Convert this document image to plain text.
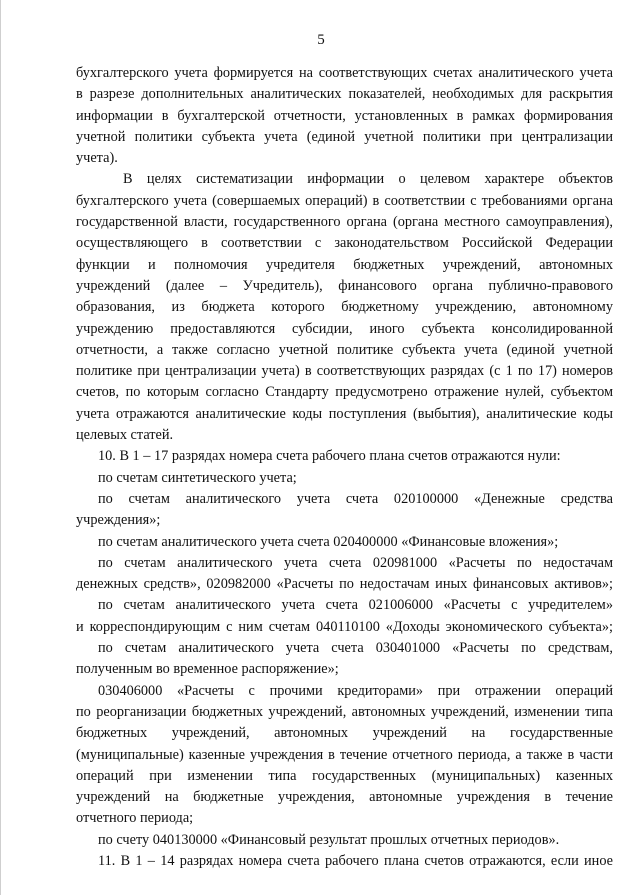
5

бухгалтерского учета формируется на соответствующих счетах аналитического учета

в разрезе дополнительных аналитических показателей, необходимых для раскрытия

информации в бухгалтерской отчетности, установленных в рамках формирования

учетной политики субъекта учета (единой учетной политики при централизации

учета).

В целях систематизации информации о целевом характере объектов

бухгалтерского учета (совершаемых операций) в соответствии с требованиями органа

государственной власти, государственного органа (органа местного самоуправления),

осуществляющего в соответствии с законодательством Российской Федерации

функции и полномочия учредителя бюджетных учреждений, автономных

учреждений (далее – Учредитель), финансового органа публично-правового

образования, из бюджета которого бюджетному учреждению, автономному

учреждению предоставляются субсидии, иного субъекта консолидированной

отчетности, а также согласно учетной политике субъекта учета (единой учетной

политике при централизации учета) в соответствующих разрядах (с 1 по 17) номеров

счетов, по которым согласно Стандарту предусмотрено отражение нулей, субъектом

учета отражаются аналитические коды поступления (выбытия), аналитические коды

целевых статей.

10. В 1 – 17 разрядах номера счета рабочего плана счетов отражаются нули:

по счетам синтетического учета;

по счетам аналитического учета счета 020100000 «Денежные средства

учреждения»;

по счетам аналитического учета счета 020400000 «Финансовые вложения»;

по счетам аналитического учета счета 020981000 «Расчеты по недостачам

денежных средств», 020982000 «Расчеты по недостачам иных финансовых активов»;

по счетам аналитического учета счета 021006000 «Расчеты с учредителем»

и корреспондирующим с ним счетам 040110100 «Доходы экономического субъекта»;

по счетам аналитического учета счета 030401000 «Расчеты по средствам,

полученным во временное распоряжение»;

030406000 «Расчеты с прочими кредиторами» при отражении операций

по реорганизации бюджетных учреждений, автономных учреждений, изменении типа

бюджетных учреждений, автономных учреждений на государственные

(муниципальные) казенные учреждения в течение отчетного периода, а также в части

операций при изменении типа государственных (муниципальных) казенных

учреждений на бюджетные учреждения, автономные учреждения в течение

отчетного периода;

по счету 040130000 «Финансовый результат прошлых отчетных периодов».

11. В 1 – 14 разрядах номера счета рабочего плана счетов отражаются, если иное
